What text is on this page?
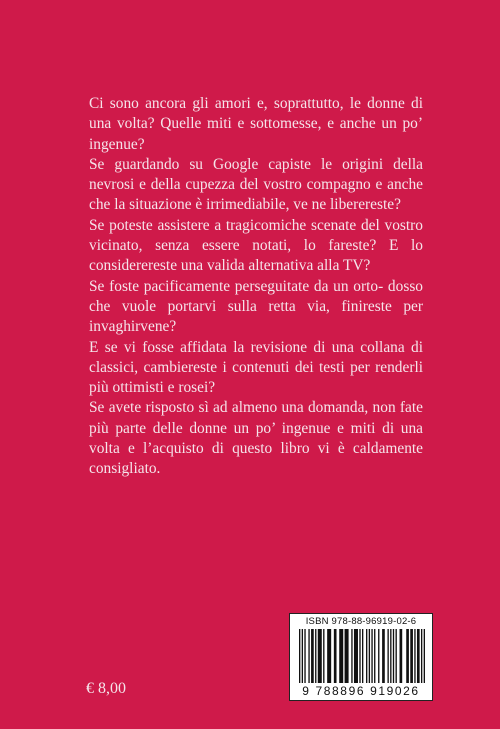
Ci sono ancora gli amori e, soprattutto, le donne di una volta? Quelle miti e sottomesse, e anche un po’ ingenue?

Se guardando su Google capiste le origini della nevrosi e della cupezza del vostro compagno e anche che la situazione è irrimediabile, ve ne liberereste?

Se poteste assistere a tragicomiche scenate del vostro vicinato, senza essere notati, lo fareste? E lo considerereste una valida alternativa alla TV?

Se foste pacificamente perseguitate da un orto- dosso che vuole portarvi sulla retta via, finireste per invaghirvene?

E se vi fosse affidata la revisione di una collana di classici, cambiereste i contenuti dei testi per renderli più ottimisti e rosei?

Se avete risposto sì ad almeno una domanda, non fate più parte delle donne un po’ ingenue e miti di una volta e l’acquisto di questo libro vi è caldamente consigliato.

€ 8,00
ISBN 978-88-96919-02-6
9 788896 919026
